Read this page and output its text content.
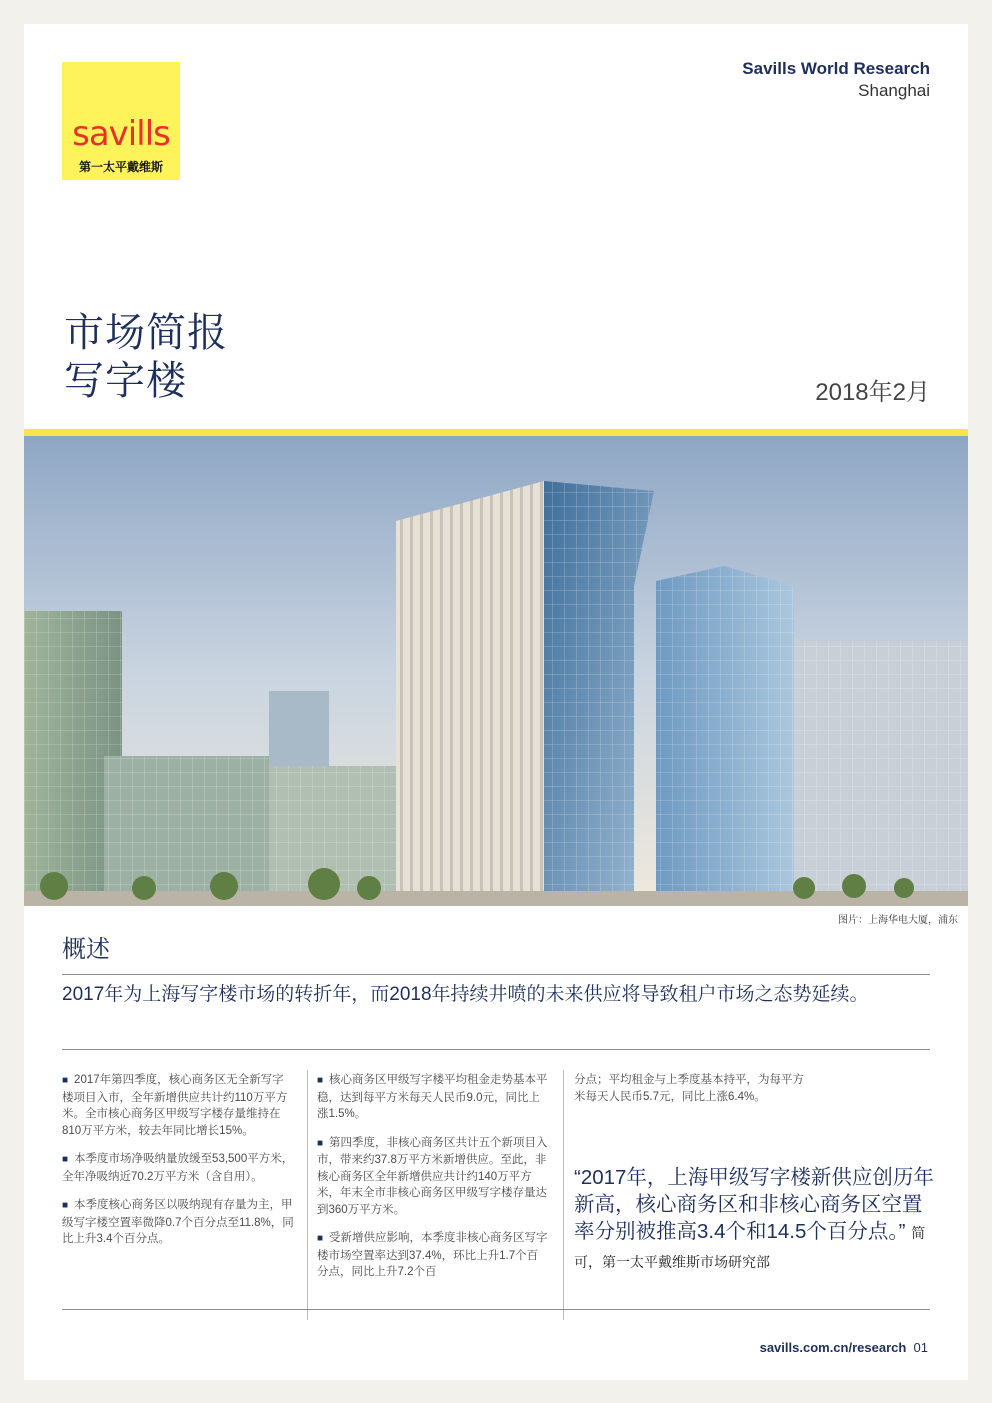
savills
第一太平戴维斯
Savills World Research
Shanghai
市场简报
写字楼	2018年2月
图片：上海华电大厦，浦东
概述
2017年为上海写字楼市场的转折年，而2018年持续井喷的未来供应将导致租户市场之态势延续。

■ 2017年第四季度，核心商务区无全新写字楼项目入市，全年新增供应共计约110万平方米。全市核心商务区甲级写字楼存量维持在810万平方米，较去年同比增长15%。

■ 本季度市场净吸纳量放缓至53,500平方米，全年净吸纳近70.2万平方米（含自用）。

■ 本季度核心商务区以吸纳现有存量为主，甲级写字楼空置率微降0.7个百分点至11.8%，同比上升3.4个百分点。

■ 核心商务区甲级写字楼平均租金走势基本平稳，达到每平方米每天人民币9.0元，同比上涨1.5%。

■ 第四季度，非核心商务区共计五个新项目入市，带来约37.8万平方米新增供应。至此，非核心商务区全年新增供应共计约140万平方米，年末全市非核心商务区甲级写字楼存量达到360万平方米。

■ 受新增供应影响，本季度非核心商务区写字楼市场空置率达到37.4%，环比上升1.7个百分点，同比上升7.2个百

分点；平均租金与上季度基本持平，为每平方米每天人民币5.7元，同比上涨6.4%。

“2017年，上海甲级写字楼新供应创历年新高，核心商务区和非核心商务区空置率分别被推高3.4个和14.5个百分点。” 简可，第一太平戴维斯市场研究部
savills.com.cn/research 01
